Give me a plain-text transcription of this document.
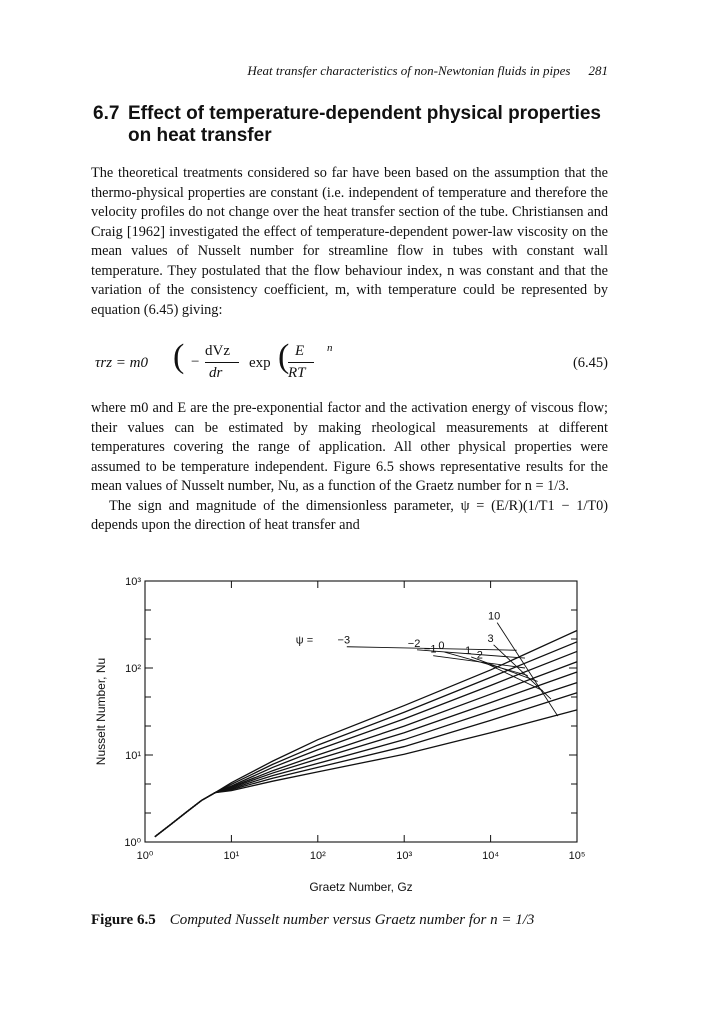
Heat transfer characteristics of non-Newtonian fluids in pipes 281
6.7 Effect of temperature-dependent physical properties on heat transfer

The theoretical treatments considered so far have been based on the assumption that the thermo-physical properties are constant (i.e. independent of temperature and therefore the velocity profiles do not change over the heat transfer section of the tube. Christiansen and Craig [1962] investigated the effect of temperature-dependent power-law viscosity on the mean values of Nusselt number for streamline flow in tubes with constant wall temperature. They postulated that the flow behaviour index, n was constant and that the variation of the consistency coefficient, m, with temperature could be represented by equation (6.45) giving:

τrz = m0 ( −
dVz
dr
exp ( E
RT
n
(6.45)

where m0 and E are the pre-exponential factor and the activation energy of viscous flow; their values can be estimated by making rheological measurements at different temperatures covering the range of application. All other physical properties were assumed to be temperature independent. Figure 6.5 shows representative results for the mean values of Nusselt number, Nu, as a function of the Graetz number for n = 1/3.
The sign and magnitude of the dimensionless parameter, ψ = (E/R)(1/T1 − 1/T0) depends upon the direction of heat transfer and

10⁰	10¹	10²	10³	10⁴	10⁵
10⁰
10¹
10²
10³
−3	−2 −1 0 1 2
3
10
ψ =
Graetz Number, Gz
Nusselt Number, Nu
Figure 6.5 Computed Nusselt number versus Graetz number for n = 1/3
